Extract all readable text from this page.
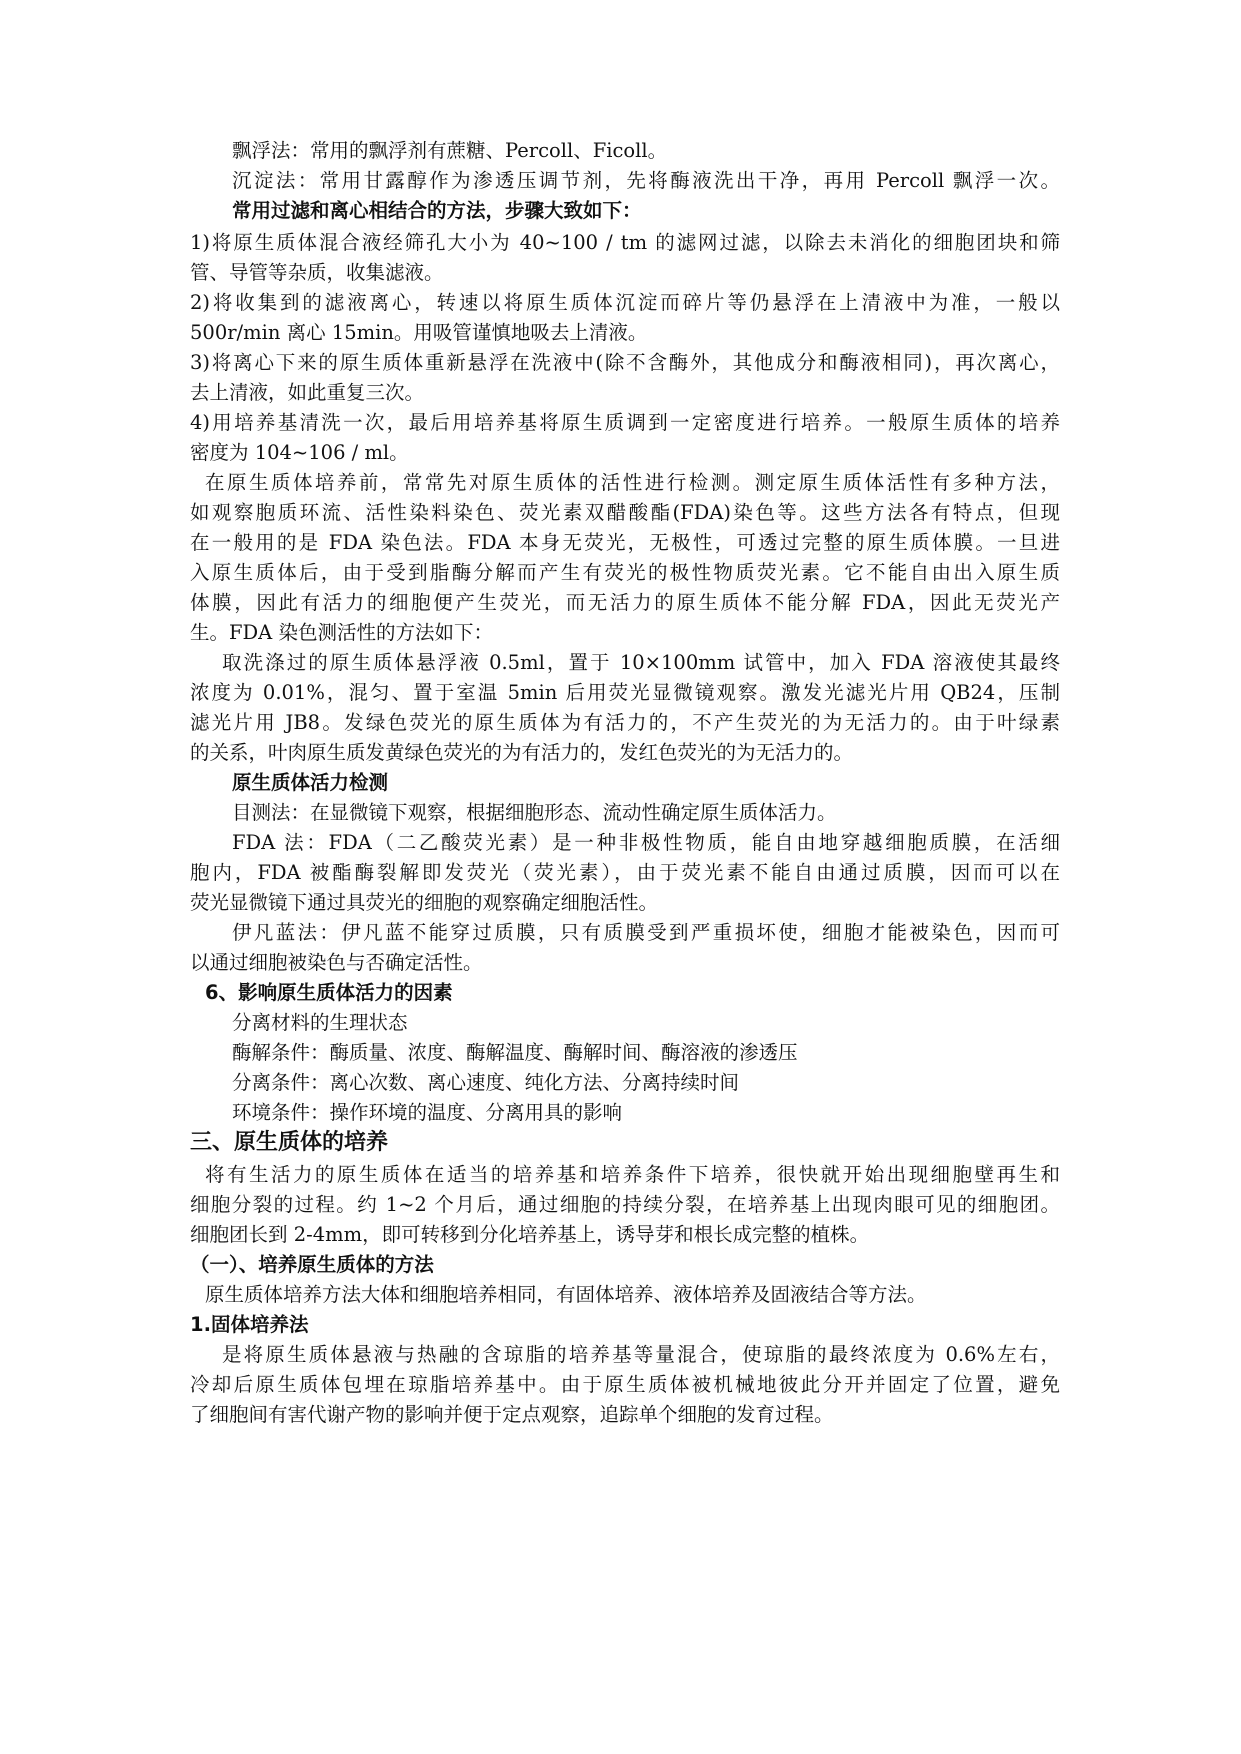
飘浮法：常用的飘浮剂有蔗糖、Percoll、Ficoll。
沉淀法：常用甘露醇作为渗透压调节剂，先将酶液洗出干净，再用 Percoll 飘浮一次。
常用过滤和离心相结合的方法，步骤大致如下：
1)将原生质体混合液经筛孔大小为 40~100 / tm 的滤网过滤，以除去未消化的细胞团块和筛
管、导管等杂质，收集滤液。
2)将收集到的滤液离心，转速以将原生质体沉淀而碎片等仍悬浮在上清液中为准，一般以
500r/min 离心 15min。用吸管谨慎地吸去上清液。
3)将离心下来的原生质体重新悬浮在洗液中(除不含酶外，其他成分和酶液相同)，再次离心，
去上清液，如此重复三次。
4)用培养基清洗一次，最后用培养基将原生质调到一定密度进行培养。一般原生质体的培养
密度为 104~106 / ml。
在原生质体培养前，常常先对原生质体的活性进行检测。测定原生质体活性有多种方法，
如观察胞质环流、活性染料染色、荧光素双醋酸酯(FDA)染色等。这些方法各有特点，但现
在一般用的是 FDA 染色法。FDA 本身无荧光，无极性，可透过完整的原生质体膜。一旦进
入原生质体后，由于受到脂酶分解而产生有荧光的极性物质荧光素。它不能自由出入原生质
体膜，因此有活力的细胞便产生荧光，而无活力的原生质体不能分解 FDA，因此无荧光产
生。FDA 染色测活性的方法如下：
取洗涤过的原生质体悬浮液 0.5ml，置于 10×100mm 试管中，加入 FDA 溶液使其最终
浓度为 0.01%，混匀、置于室温 5min 后用荧光显微镜观察。激发光滤光片用 QB24，压制
滤光片用 JB8。发绿色荧光的原生质体为有活力的，不产生荧光的为无活力的。由于叶绿素
的关系，叶肉原生质发黄绿色荧光的为有活力的，发红色荧光的为无活力的。
原生质体活力检测
目测法：在显微镜下观察，根据细胞形态、流动性确定原生质体活力。
FDA 法：FDA（二乙酸荧光素）是一种非极性物质，能自由地穿越细胞质膜，在活细
胞内，FDA 被酯酶裂解即发荧光（荧光素），由于荧光素不能自由通过质膜，因而可以在
荧光显微镜下通过具荧光的细胞的观察确定细胞活性。
伊凡蓝法：伊凡蓝不能穿过质膜，只有质膜受到严重损坏使，细胞才能被染色，因而可
以通过细胞被染色与否确定活性。
6、影响原生质体活力的因素
分离材料的生理状态
酶解条件：酶质量、浓度、酶解温度、酶解时间、酶溶液的渗透压
分离条件：离心次数、离心速度、纯化方法、分离持续时间
环境条件：操作环境的温度、分离用具的影响
三、原生质体的培养
将有生活力的原生质体在适当的培养基和培养条件下培养，很快就开始出现细胞壁再生和
细胞分裂的过程。约 1~2 个月后，通过细胞的持续分裂，在培养基上出现肉眼可见的细胞团。
细胞团长到 2-4mm，即可转移到分化培养基上，诱导芽和根长成完整的植株。
（一）、培养原生质体的方法
原生质体培养方法大体和细胞培养相同，有固体培养、液体培养及固液结合等方法。
1.固体培养法
是将原生质体悬液与热融的含琼脂的培养基等量混合，使琼脂的最终浓度为 0.6%左右，
冷却后原生质体包埋在琼脂培养基中。由于原生质体被机械地彼此分开并固定了位置，避免
了细胞间有害代谢产物的影响并便于定点观察，追踪单个细胞的发育过程。
